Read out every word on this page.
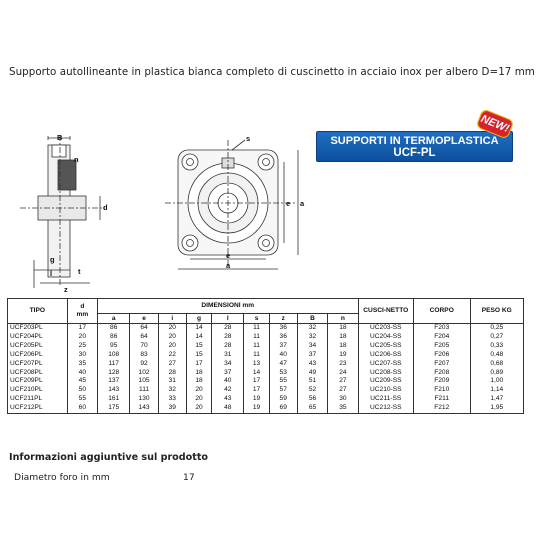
Supporto autollineante in plastica bianca completo di cuscinetto in acciaio inox per albero D=17 mm
B
n
d
g
l
z
t
s
e a
e
a
SUPPORTI IN TERMOPLASTICA
UCF-PL
NEW!
TIPO	d
mm	DIMENSIONI mm									CUSCI-NETTO	CORPO	PESO KG
		a	e	i	g	l	s	z	B	n			
UCF203PL	17	86	64	20	14	28	11	36	32	18	UC203-SS	F203	0,25
UCF204PL	20	86	64	20	14	28	11	36	32	18	UC204-SS	F204	0,27
UCF205PL	25	95	70	20	15	28	11	37	34	18	UC205-SS	F205	0,33
UCF206PL	30	108	83	22	15	31	11	40	37	19	UC206-SS	F206	0,48
UCF207PL	35	117	92	27	17	34	13	47	43	23	UC207-SS	F207	0,68
UCF208PL	40	128	102	28	18	37	14	53	49	24	UC208-SS	F208	0,89
UCF209PL	45	137	105	31	18	40	17	55	51	27	UC209-SS	F209	1,00
UCF210PL	50	143	111	32	20	42	17	57	52	27	UC210-SS	F210	1,14
UCF211PL	55	161	130	33	20	43	19	59	56	30	UC211-SS	F211	1,47
UCF212PL	60	175	143	39	20	48	19	69	65	35	UC212-SS	F212	1,95
Informazioni aggiuntive sul prodotto
Diametro foro in mm	17
